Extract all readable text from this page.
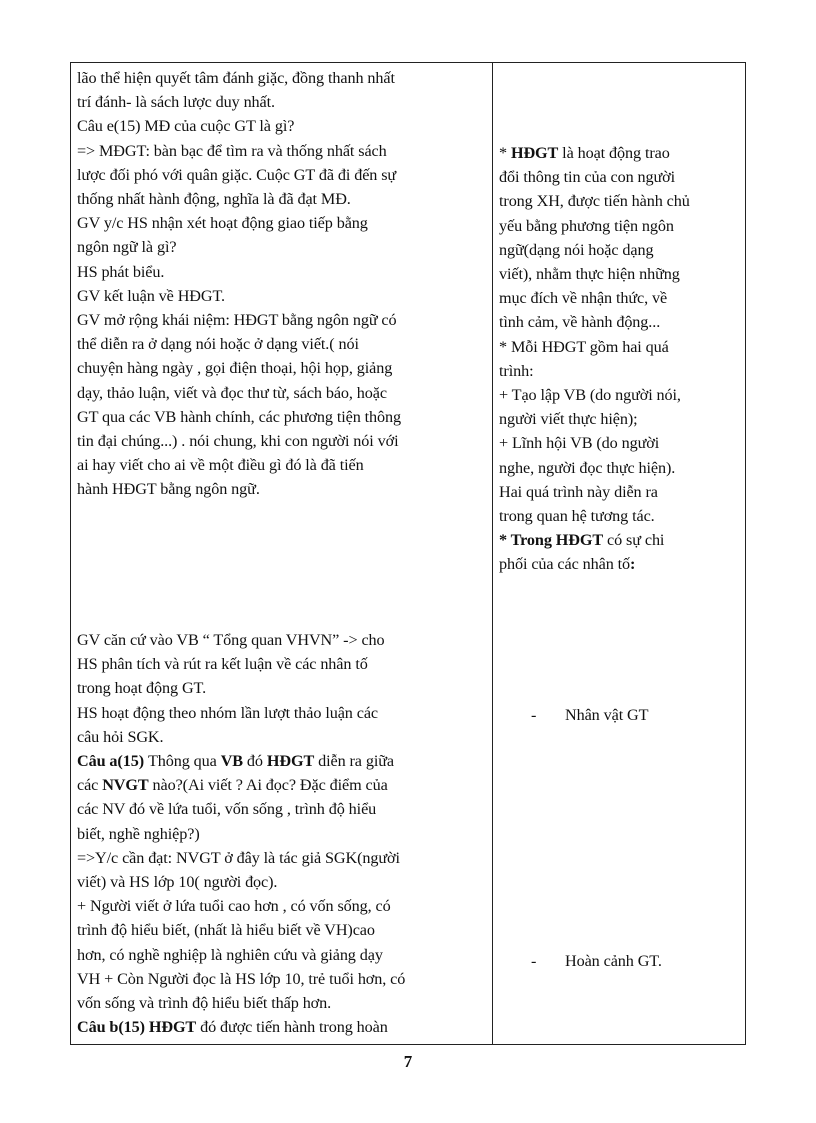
lão thể hiện quyết tâm đánh giặc, đồng thanh nhất
trí đánh- là sách lược duy nhất.
Câu e(15) MĐ của cuộc GT là gì?
=> MĐGT: bàn bạc để tìm ra và thống nhất sách
lược đối phó với quân giặc. Cuộc GT đã đi đến sự
thống nhất hành động, nghĩa là đã đạt MĐ.
GV y/c HS nhận xét hoạt động giao tiếp bằng
ngôn ngữ là gì?
HS phát biểu.
GV kết luận về HĐGT.
GV mở rộng khái niệm: HĐGT bằng ngôn ngữ có
thể diễn ra ở dạng nói hoặc ở dạng viết.( nói
chuyện hàng ngày , gọi điện thoại, hội họp, giảng
dạy, thảo luận, viết và đọc thư từ, sách báo, hoặc
GT qua các VB hành chính, các phương tiện thông
tin đại chúng...) . nói chung, khi con người nói với
ai hay viết cho ai về một điều gì đó là đã tiến
hành HĐGT bằng ngôn ngữ.
GV căn cứ vào VB “ Tổng quan VHVN” -> cho
HS phân tích và rút ra kết luận về các nhân tố
trong hoạt động GT.
HS hoạt động theo nhóm lần lượt thảo luận các
câu hỏi SGK.
Câu a(15) Thông qua VB đó HĐGT diễn ra giữa
các NVGT nào?(Ai viết ? Ai đọc? Đặc điểm của
các NV đó về lứa tuổi, vốn sống , trình độ hiểu
biết, nghề nghiệp?)
=>Y/c cần đạt: NVGT ở đây là tác giả SGK(người
viết) và HS lớp 10( người đọc).
+ Người viết ở lứa tuổi cao hơn , có vốn sống, có
trình độ hiểu biết, (nhất là hiểu biết về VH)cao
hơn, có nghề nghiệp là nghiên cứu và giảng dạy
VH + Còn Người đọc là HS lớp 10, trẻ tuổi hơn, có
vốn sống và trình độ hiểu biết thấp hơn.
Câu b(15) HĐGT đó được tiến hành trong hoàn
* HĐGT là hoạt động trao
đổi thông tin của con người
trong XH, được tiến hành chủ
yếu bằng phương tiện ngôn
ngữ(dạng nói hoặc dạng
viết), nhằm thực hiện những
mục đích về nhận thức, về
tình cảm, về hành động...
* Mỗi HĐGT gồm hai quá
trình:
+ Tạo lập VB (do người nói,
người viết thực hiện);
+ Lĩnh hội VB (do người
nghe, người đọc thực hiện).
Hai quá trình này diễn ra
trong quan hệ tương tác.
* Trong HĐGT có sự chi
phối của các nhân tố:
- Nhân vật GT
- Hoàn cảnh GT.
7
